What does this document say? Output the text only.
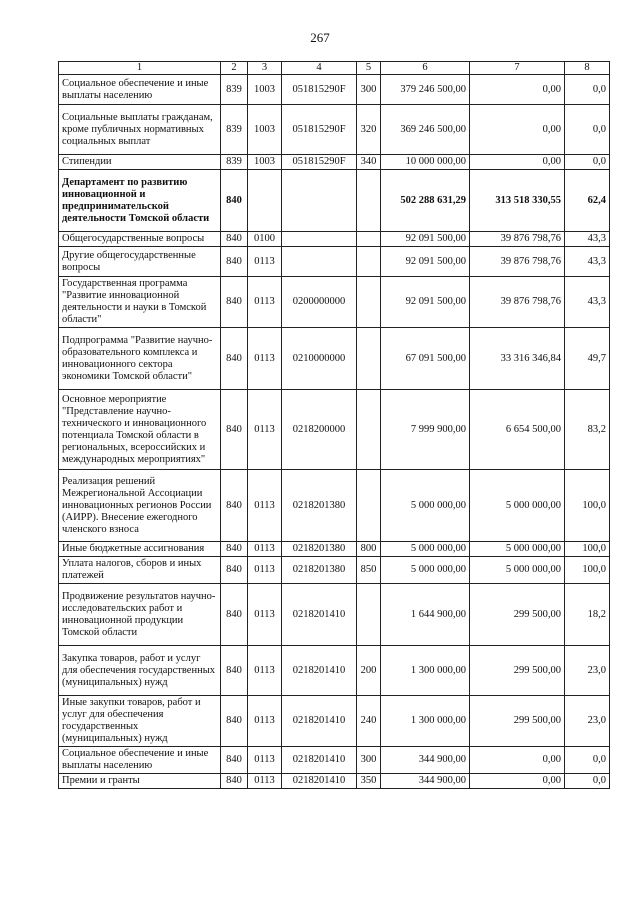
267
1	2	3	4	5	6	7	8
Социальное обеспечение и иные выплаты населению	839	1003	051815290F	300	379 246 500,00	0,00	0,0
Социальные выплаты гражданам, кроме публичных нормативных социальных выплат	839	1003	051815290F	320	369 246 500,00	0,00	0,0
Стипендии	839	1003	051815290F	340	10 000 000,00	0,00	0,0
Департамент по развитию инновационной и предпринимательской деятельности Томской области	840				502 288 631,29	313 518 330,55	62,4
Общегосударственные вопросы	840	0100			92 091 500,00	39 876 798,76	43,3
Другие общегосударственные вопросы	840	0113			92 091 500,00	39 876 798,76	43,3
Государственная программа "Развитие инновационной деятельности и науки в Томской области"	840	0113	0200000000		92 091 500,00	39 876 798,76	43,3
Подпрограмма "Развитие научно-образовательного комплекса и инновационного сектора экономики Томской области"	840	0113	0210000000		67 091 500,00	33 316 346,84	49,7
Основное мероприятие "Представление научно-технического и инновационного потенциала Томской области в региональных, всероссийских и международных мероприятиях"	840	0113	0218200000		7 999 900,00	6 654 500,00	83,2
Реализация решений Межрегиональной Ассоциации инновационных регионов России (АИРР). Внесение ежегодного членского взноса	840	0113	0218201380		5 000 000,00	5 000 000,00	100,0
Иные бюджетные ассигнования	840	0113	0218201380	800	5 000 000,00	5 000 000,00	100,0
Уплата налогов, сборов и иных платежей	840	0113	0218201380	850	5 000 000,00	5 000 000,00	100,0
Продвижение результатов научно-исследовательских работ и инновационной продукции Томской области	840	0113	0218201410		1 644 900,00	299 500,00	18,2
Закупка товаров, работ и услуг для обеспечения государственных (муниципальных) нужд	840	0113	0218201410	200	1 300 000,00	299 500,00	23,0
Иные закупки товаров, работ и услуг для обеспечения государственных (муниципальных) нужд	840	0113	0218201410	240	1 300 000,00	299 500,00	23,0
Социальное обеспечение и иные выплаты населению	840	0113	0218201410	300	344 900,00	0,00	0,0
Премии и гранты	840	0113	0218201410	350	344 900,00	0,00	0,0
